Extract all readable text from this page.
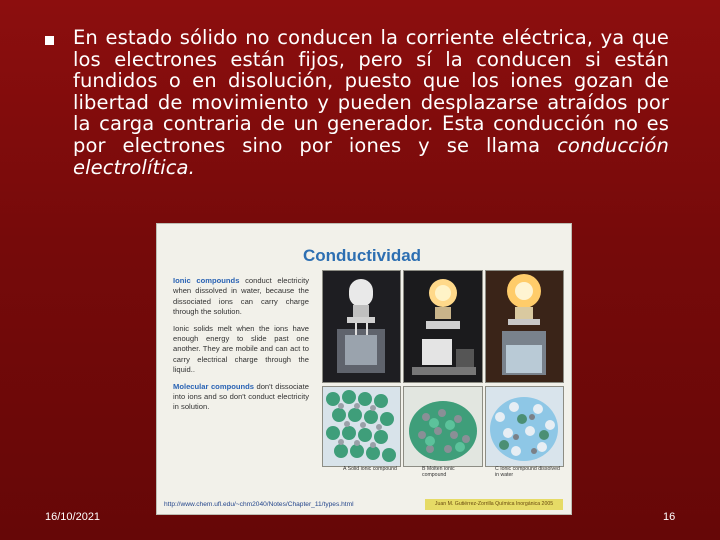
En estado sólido no conducen la corriente eléctrica, ya que los electrones están fijos, pero sí la conducen si están fundidos o en disolución, puesto que los iones gozan de libertad de movimiento y pueden desplazarse atraídos por la carga contraria de un generador. Esta conducción no es por electrones sino por iones y se llama conducción electrolítica.
Conductividad

Ionic compounds conduct electricity when dissolved in water, because the dissociated ions can carry charge through the solution.

Ionic solids melt when the ions have enough energy to slide past one another. They are mobile and can act to carry electrical charge through the liquid..

Molecular compounds don't dissociate into ions and so don't conduct electricity in solution.

A Solid ionic compound	B Molten ionic compound
C Ionic compound dissolved in water
http://www.chem.ufl.edu/~chm2040/Notes/Chapter_11/types.html	Juan M. Gutiérrez-Zorrilla Química Inorgánica 2005
16/10/2021	16
